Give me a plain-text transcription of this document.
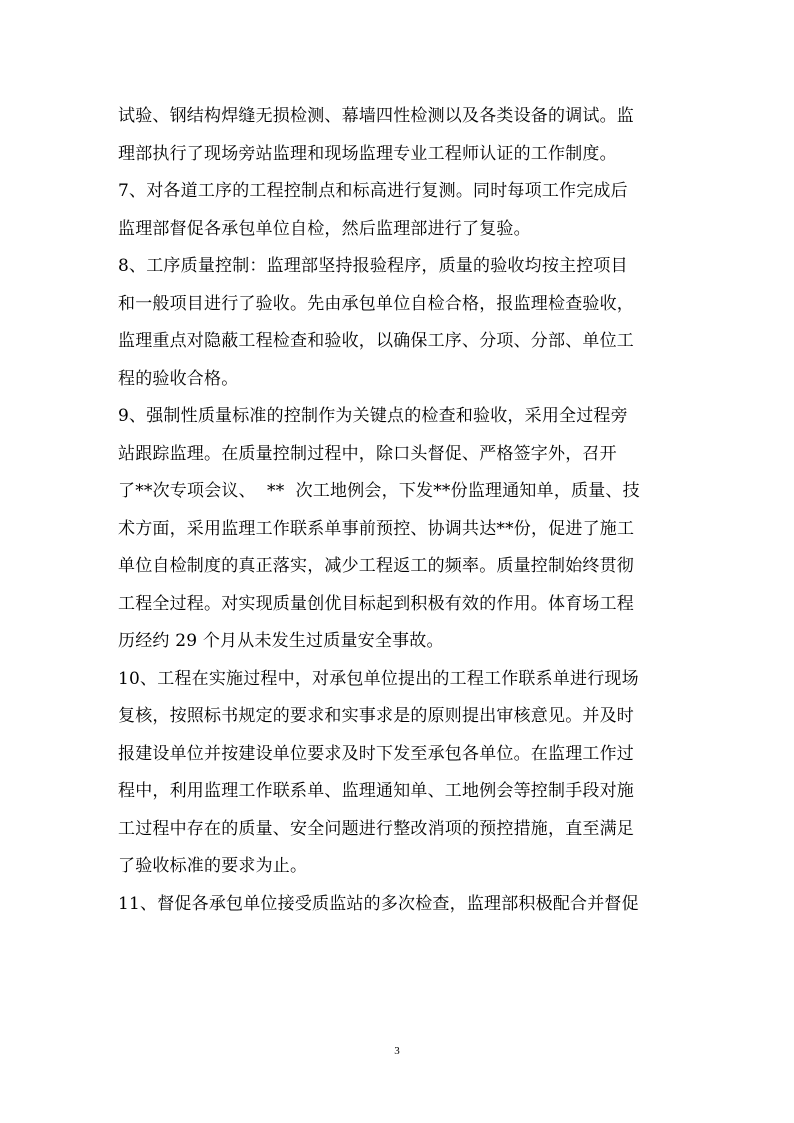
试验、钢结构焊缝无损检测、幕墙四性检测以及各类设备的调试。监
理部执行了现场旁站监理和现场监理专业工程师认证的工作制度。
7、对各道工序的工程控制点和标高进行复测。同时每项工作完成后
监理部督促各承包单位自检，然后监理部进行了复验。
8、工序质量控制：监理部坚持报验程序，质量的验收均按主控项目
和一般项目进行了验收。先由承包单位自检合格，报监理检查验收，
监理重点对隐蔽工程检查和验收，以确保工序、分项、分部、单位工
程的验收合格。
9、强制性质量标准的控制作为关键点的检查和验收，采用全过程旁
站跟踪监理。在质量控制过程中，除口头督促、严格签字外，召开
了**次专项会议、  **  次工地例会，下发**份监理通知单，质量、技
术方面，采用监理工作联系单事前预控、协调共达**份，促进了施工
单位自检制度的真正落实，减少工程返工的频率。质量控制始终贯彻
工程全过程。对实现质量创优目标起到积极有效的作用。体育场工程
历经约 29 个月从未发生过质量安全事故。
10、工程在实施过程中，对承包单位提出的工程工作联系单进行现场
复核，按照标书规定的要求和实事求是的原则提出审核意见。并及时
报建设单位并按建设单位要求及时下发至承包各单位。在监理工作过
程中，利用监理工作联系单、监理通知单、工地例会等控制手段对施
工过程中存在的质量、安全问题进行整改消项的预控措施，直至满足
了验收标准的要求为止。
11、督促各承包单位接受质监站的多次检查，监理部积极配合并督促
3
